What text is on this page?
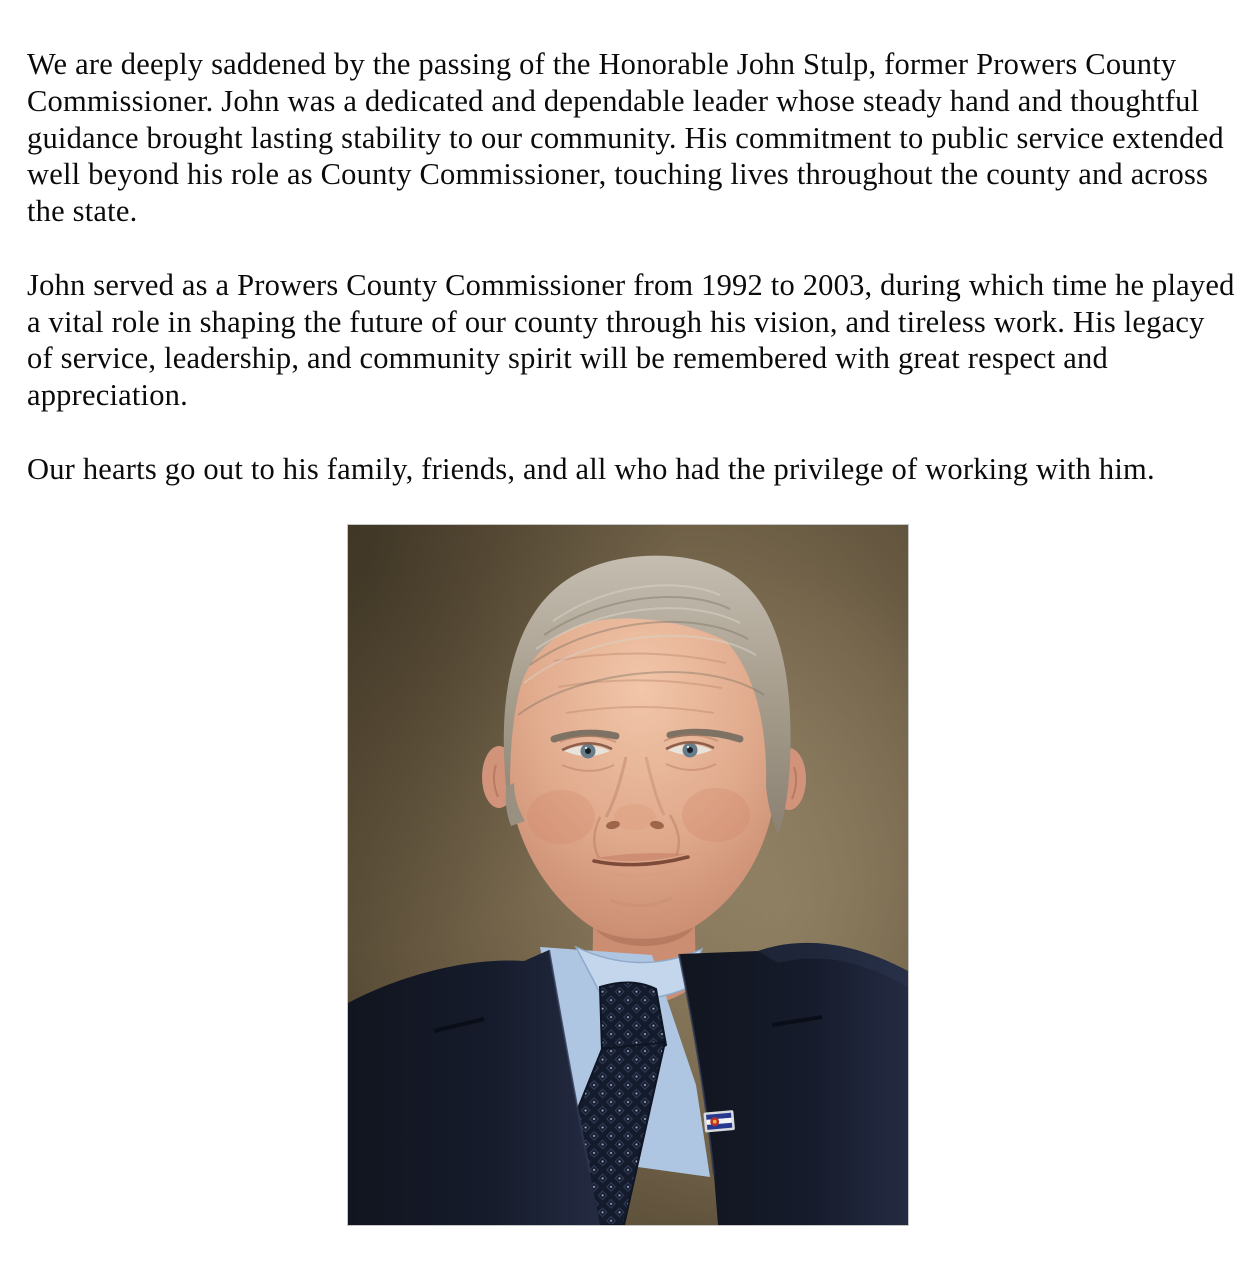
We are deeply saddened by the passing of the Honorable John Stulp, former Prowers County
Commissioner. John was a dedicated and dependable leader whose steady hand and thoughtful
guidance brought lasting stability to our community. His commitment to public service extended
well beyond his role as County Commissioner, touching lives throughout the county and across
the state.
John served as a Prowers County Commissioner from 1992 to 2003, during which time he played
a vital role in shaping the future of our county through his vision, and tireless work. His legacy
of service, leadership, and community spirit will be remembered with great respect and
appreciation.
Our hearts go out to his family, friends, and all who had the privilege of working with him.
